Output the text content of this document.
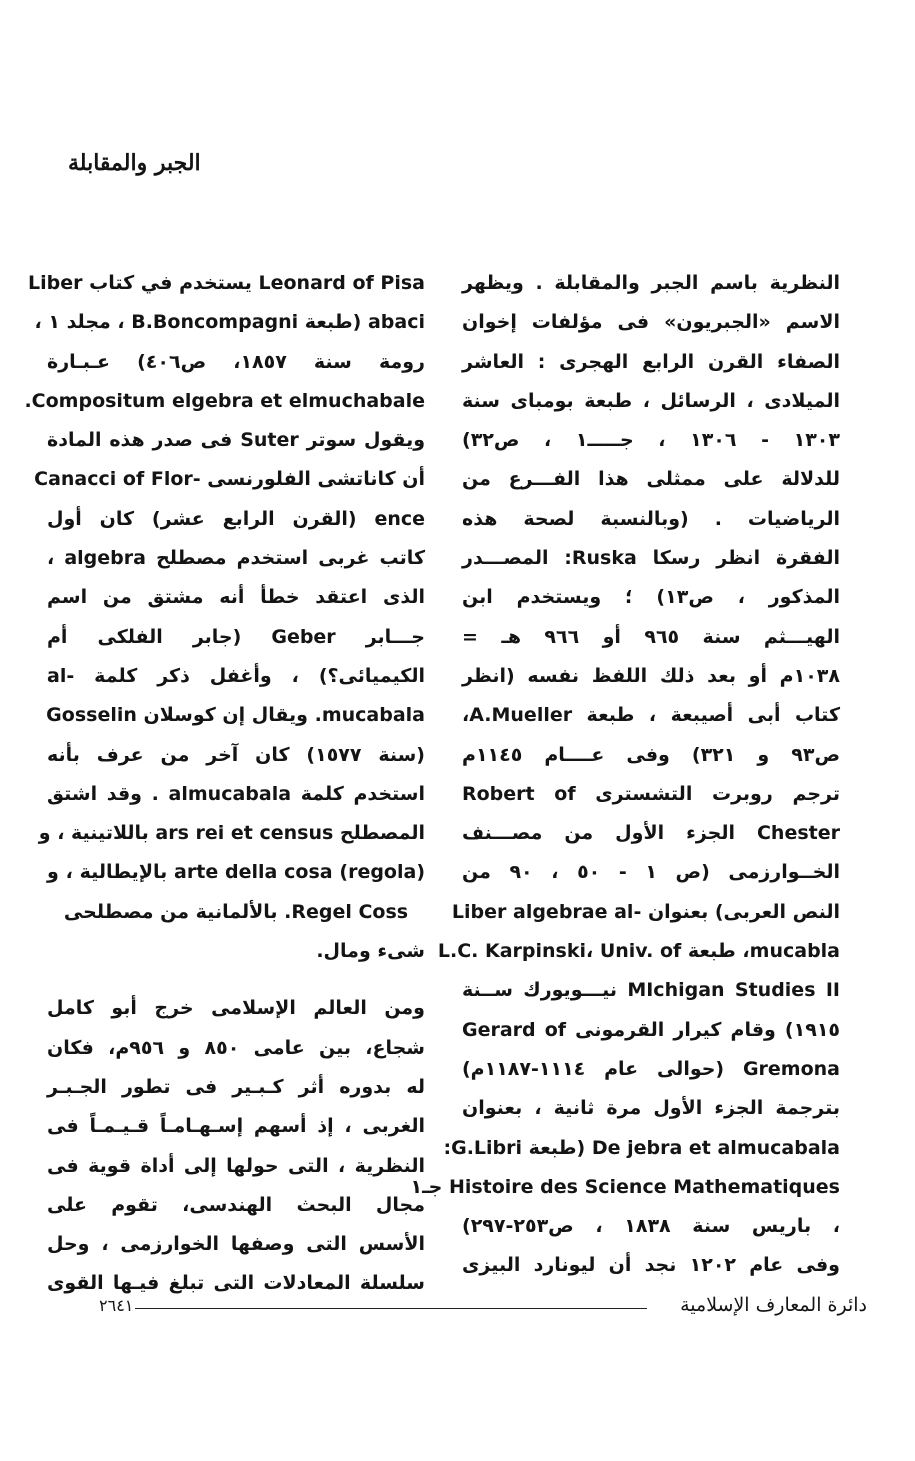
الجبر والمقابلة
النظرية باسم الجبر والمقابلة . ويظهر
الاسم «الجبريون» فى مؤلفات إخوان
الصفاء القرن الرابع الهجرى : العاشر
الميلادى ، الرسائل ، طبعة بومباى سنة
١٣٠٣ - ١٣٠٦ ، جـــــ١ ، ص٣٢)
للدلالة على ممثلى هذا الفـــرع من
الرياضيات . (وبالنسبة لصحة هذه
الفقرة انظر رسكا Ruska: المصـــدر
المذكور ، ص١٣) ؛ ويستخدم ابن
الهيـــثم سنة ٩٦٥ أو ٩٦٦ هـ =
١٠٣٨م أو بعد ذلك اللفظ نفسه (انظر
كتاب أبى أصيبعة ، طبعة A.Mueller،
ص٩٣ و ٣٢١) وفى عــــام ١١٤٥م
ترجم روبرت التشستری Robert of
Chester الجزء الأول من مصـــنف
الخــوارزمى (ص ١ - ٥٠ ، ٩٠ من
النص العربى) بعنوان -Liber algebrae al
mucabla، طبعة L.C. Karpinski، Univ. of
MIchigan Studies II نيـــويورك ســنة
١٩١٥) وقام كيرار القرمونى Gerard of
Gremona (حوالى عام ١١١٤-١١٨٧م)
بترجمة الجزء الأول مرة ثانية ، بعنوان
De jebra et almucabala (طبعة G.Libri:
Histoire des Science Mathematiques جـ١
، باريس سنة ١٨٣٨ ، ص٢٥٣-٢٩٧)
وفى عام ١٢٠٢ نجد أن ليونارد البيزى
Leonard of Pisa يستخدم في كتاب Liber
abaci (طبعة B.Boncompagni ، مجلد ١ ،
رومة سنة ١٨٥٧، ص٤٠٦) عـبـارة
Compositum elgebra et elmuchabale.
ويقول سوتر Suter فى صدر هذه المادة
أن كاناتشى الفلورنسى -Canacci of Flor
ence (القرن الرابع عشر) كان أول
كاتب غربى استخدم مصطلح algebra ،
الذى اعتقد خطأ أنه مشتق من اسم
جـــابر Geber (جابر الفلكى أم
الكيميائى؟) ، وأغفل ذكر كلمة -al
mucabala. ويقال إن كوسلان Gosselin
(سنة ١٥٧٧) كان آخر من عرف بأنه
استخدم كلمة almucabala . وقد اشتق
المصطلح ars rei et census باللاتينية ، و
arte della cosa (regola) بالإيطالية ، و
Regel Coss. بالألمانية من مصطلحى
شىء ومال.
ومن العالم الإسلامى خرج أبو كامل
شجاع، بين عامى ٨٥٠ و ٩٥٦م، فكان
له بدوره أثر كـبـير فى تطور الجـبـر
الغربى ، إذ أسهم إسـهـامـاً قـيـمـاً فى
النظرية ، التى حولها إلى أداة قوية فى
مجال البحث الهندسى، تقوم على
الأسس التى وصفها الخوارزمى ، وحل
سلسلة المعادلات التى تبلغ فيـها القوى
٢٦٤١	دائرة المعارف الإسلامية
